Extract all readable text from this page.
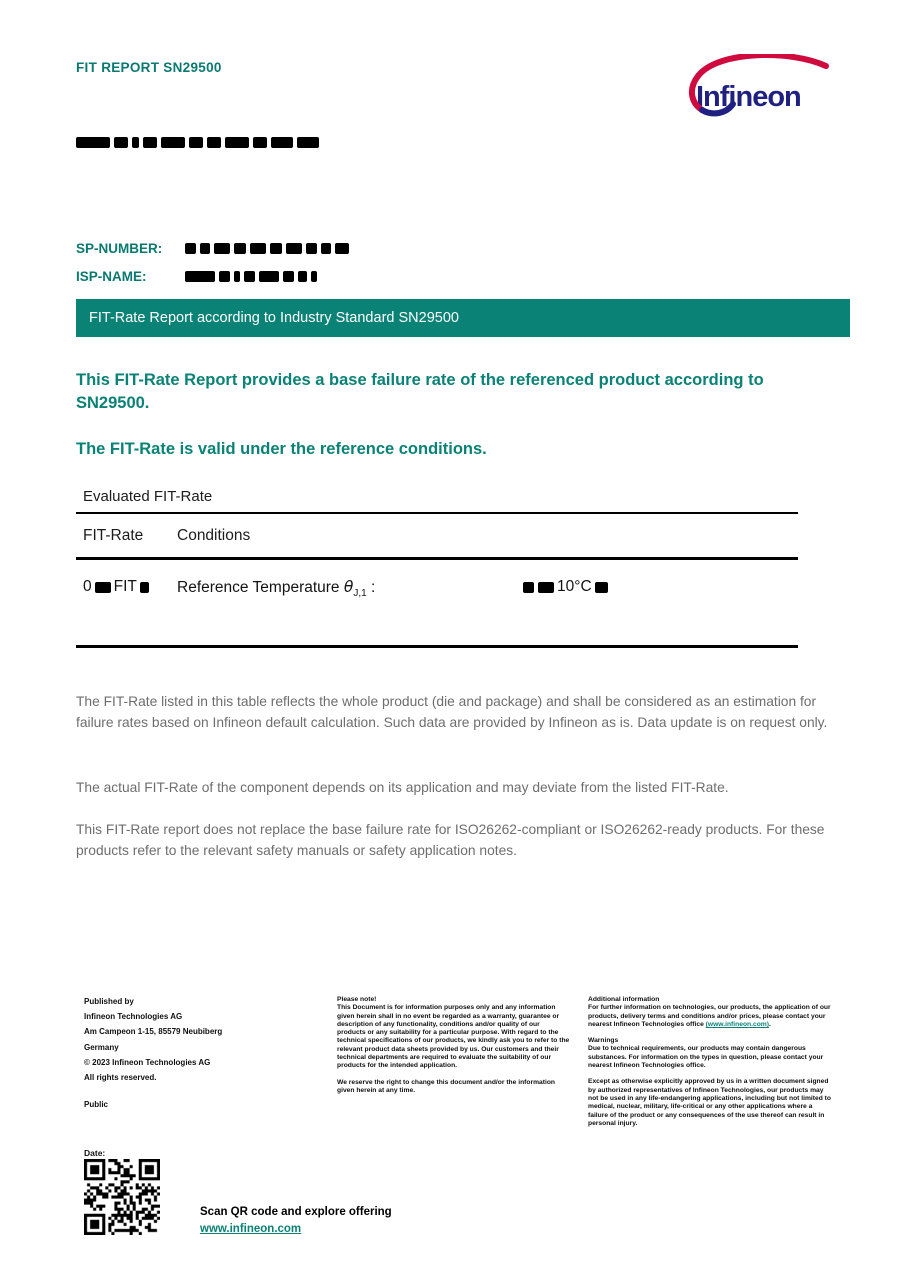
FIT REPORT SN29500
Infineon
SP-NUMBER:
ISP-NAME:
FIT-Rate Report according to Industry Standard SN29500
This FIT-Rate Report provides a base failure rate of the referenced product according to
SN29500.
The FIT-Rate is valid under the reference conditions.
Evaluated FIT-Rate
FIT-Rate Conditions
0 FIT	Reference Temperature $\theta_{J,1}$ :	10°C
The FIT-Rate listed in this table reflects the whole product (die and package) and shall be considered as an estimation for failure rates based on Infineon default calculation. Such data are provided by Infineon as is. Data update is on request only.
The actual FIT-Rate of the component depends on its application and may deviate from the listed FIT-Rate.
This FIT-Rate report does not replace the base failure rate for ISO26262-compliant or ISO26262-ready products. For these products refer to the relevant safety manuals or safety application notes.
Published by
Infineon Technologies AG
Am Campeon 1-15, 85579 Neubiberg
Germany
© 2023 Infineon Technologies AG
All rights reserved.
Public
Please note!
This Document is for information purposes only and any information given herein shall in no event be regarded as a warranty, guarantee or description of any functionality, conditions and/or quality of our products or any suitability for a particular purpose. With regard to the technical specifications of our products, we kindly ask you to refer to the relevant product data sheets provided by us. Our customers and their technical departments are required to evaluate the suitability of our products for the intended application.
We reserve the right to change this document and/or the information given herein at any time.
Additional information
For further information on technologies, our products, the application of our products, delivery terms and conditions and/or prices, please contact your nearest Infineon Technologies office (www.infineon.com).
Warnings
Due to technical requirements, our products may contain dangerous substances. For information on the types in question, please contact your nearest Infineon Technologies office.
Except as otherwise explicitly approved by us in a written document signed by authorized representatives of Infineon Technologies, our products may not be used in any life-endangering applications, including but not limited to medical, nuclear, military, life-critical or any other applications where a failure of the product or any consequences of the use thereof can result in personal injury.
Date:
Scan QR code and explore offering
www.infineon.com
